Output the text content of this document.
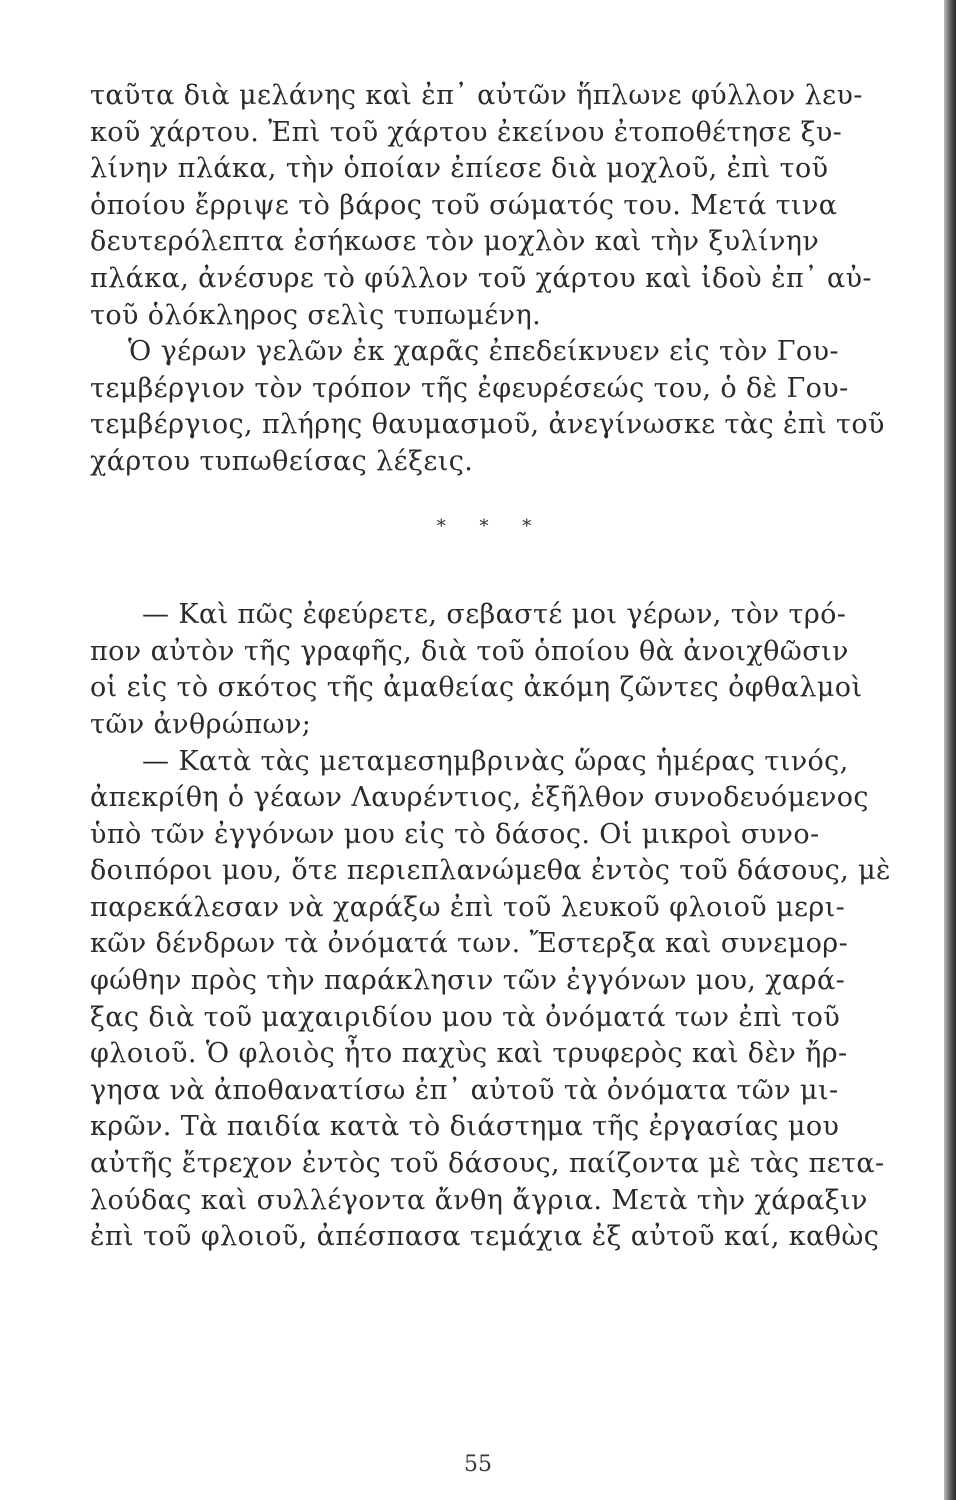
ταῦτα διὰ μελάνης καὶ ἐπ᾽ αὐτῶν ἥπλωνε φύλλον λευ-
κοῦ χάρτου. Ἐπὶ τοῦ χάρτου ἐκείνου ἐτοποθέτησε ξυ-
λίνην πλάκα, τὴν ὁποίαν ἐπίεσε διὰ μοχλοῦ, ἐπὶ τοῦ
ὁποίου ἔρριψε τὸ βάρος τοῦ σώματός του. Μετά τινα
δευτερόλεπτα ἐσήκωσε τὸν μοχλὸν καὶ τὴν ξυλίνην
πλάκα, ἀνέσυρε τὸ φύλλον τοῦ χάρτου καὶ ἰδοὺ ἐπ᾽ αὐ-
τοῦ ὁλόκληρος σελὶς τυπωμένη.
Ὁ γέρων γελῶν ἐκ χαρᾶς ἐπεδείκνυεν εἰς τὸν Γου-
τεμβέργιον τὸν τρόπον τῆς ἐφευρέσεώς του, ὁ δὲ Γου-
τεμβέργιος, πλήρης θαυμασμοῦ, ἀνεγίνωσκε τὰς ἐπὶ τοῦ
χάρτου τυπωθείσας λέξεις.
* * *
— Καὶ πῶς ἐφεύρετε, σεβαστέ μοι γέρων, τὸν τρό-
πον αὐτὸν τῆς γραφῆς, διὰ τοῦ ὁποίου θὰ ἀνοιχθῶσιν
οἱ εἰς τὸ σκότος τῆς ἀμαθείας ἀκόμη ζῶντες ὀφθαλμοὶ
τῶν ἀνθρώπων;
— Κατὰ τὰς μεταμεσημβρινὰς ὥρας ἡμέρας τινός,
ἀπεκρίθη ὁ γέαων Λαυρέντιος, ἐξῆλθον συνοδευόμενος
ὑπὸ τῶν ἐγγόνων μου εἰς τὸ δάσος. Οἱ μικροὶ συνο-
δοιπόροι μου, ὅτε περιεπλανώμεθα ἐντὸς τοῦ δάσους, μὲ
παρεκάλεσαν νὰ χαράξω ἐπὶ τοῦ λευκοῦ φλοιοῦ μερι-
κῶν δένδρων τὰ ὀνόματά των. Ἔστερξα καὶ συνεμορ-
φώθην πρὸς τὴν παράκλησιν τῶν ἐγγόνων μου, χαρά-
ξας διὰ τοῦ μαχαιριδίου μου τὰ ὀνόματά των ἐπὶ τοῦ
φλοιοῦ. Ὁ φλοιὸς ἦτο παχὺς καὶ τρυφερὸς καὶ δὲν ἤρ-
γησα νὰ ἀποθανατίσω ἐπ᾽ αὐτοῦ τὰ ὀνόματα τῶν μι-
κρῶν. Τὰ παιδία κατὰ τὸ διάστημα τῆς ἐργασίας μου
αὐτῆς ἔτρεχον ἐντὸς τοῦ δάσους, παίζοντα μὲ τὰς πετα-
λούδας καὶ συλλέγοντα ἄνθη ἄγρια. Μετὰ τὴν χάραξιν
ἐπὶ τοῦ φλοιοῦ, ἀπέσπασα τεμάχια ἐξ αὐτοῦ καί, καθὼς
55
